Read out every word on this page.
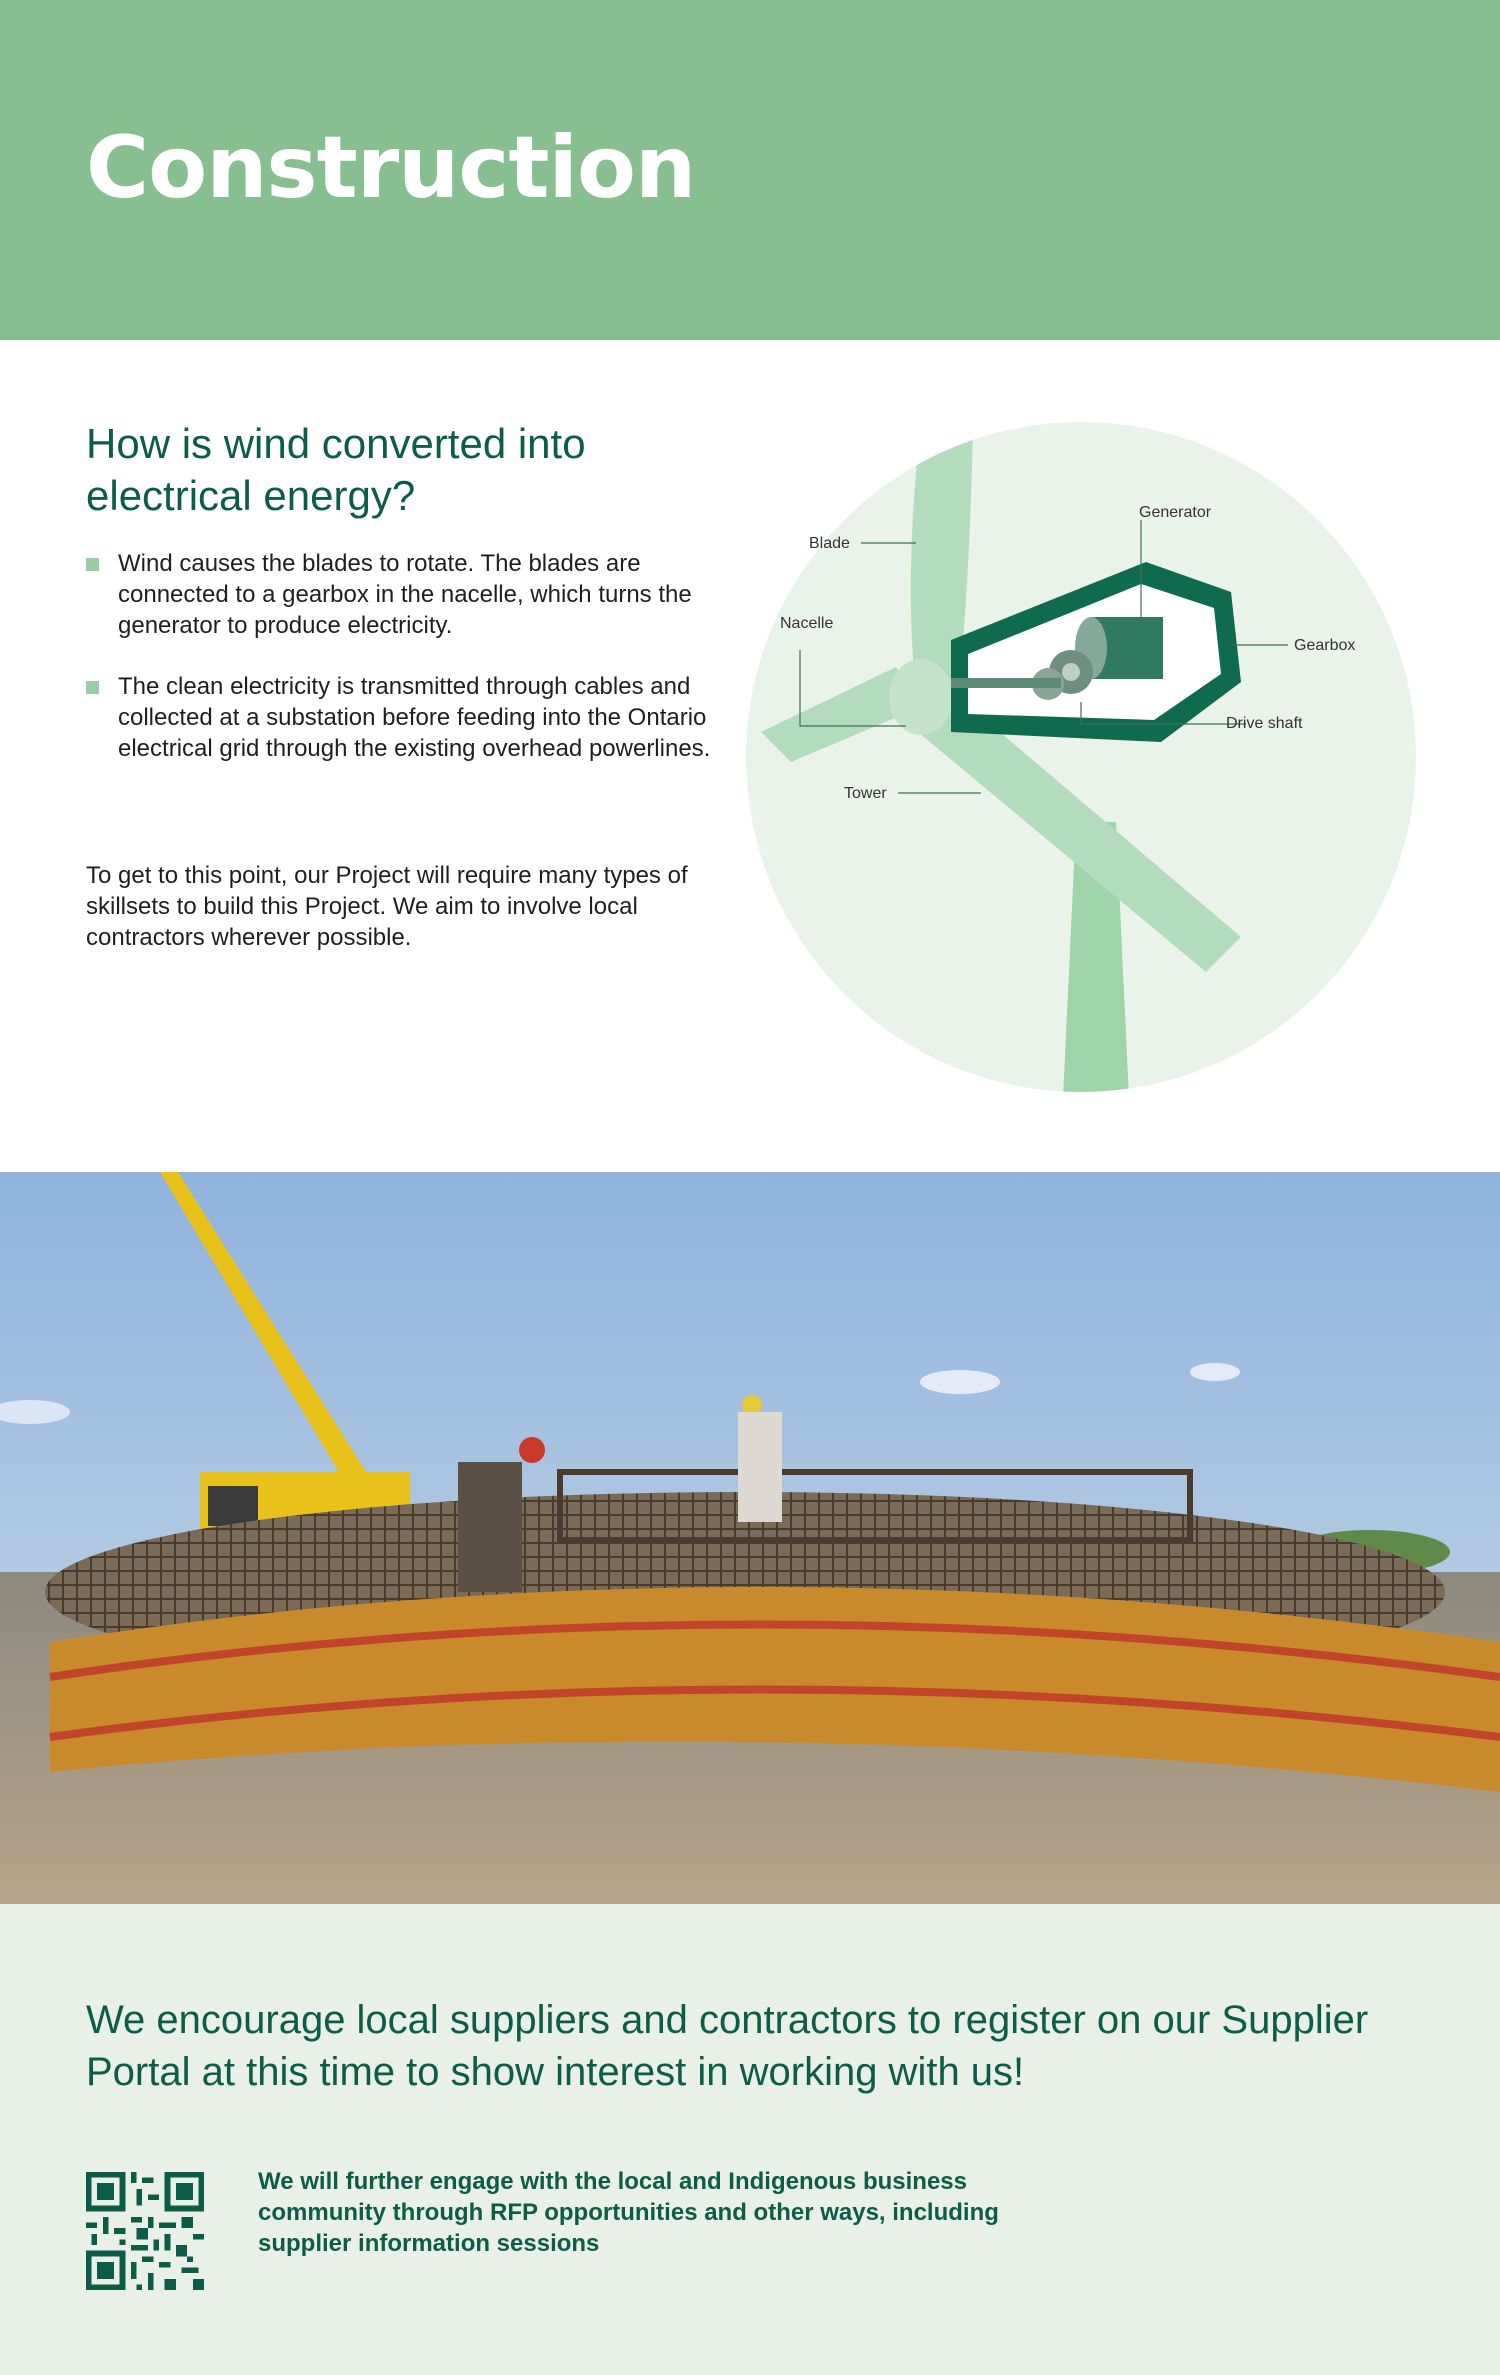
Construction
How is wind converted into electrical energy?
Wind causes the blades to rotate. The blades are connected to a gearbox in the nacelle, which turns the generator to produce electricity.
The clean electricity is transmitted through cables and collected at a substation before feeding into the Ontario electrical grid through the existing overhead powerlines.

To get to this point, our Project will require many types of skillsets to build this Project. We aim to involve local contractors wherever possible.

Blade
Nacelle
Generator
Gearbox
Drive shaft
Tower
We encourage local suppliers and contractors to register on our Supplier Portal at this time to show interest in working with us!

We will further engage with the local and Indigenous business community through RFP opportunities and other ways, including supplier information sessions
